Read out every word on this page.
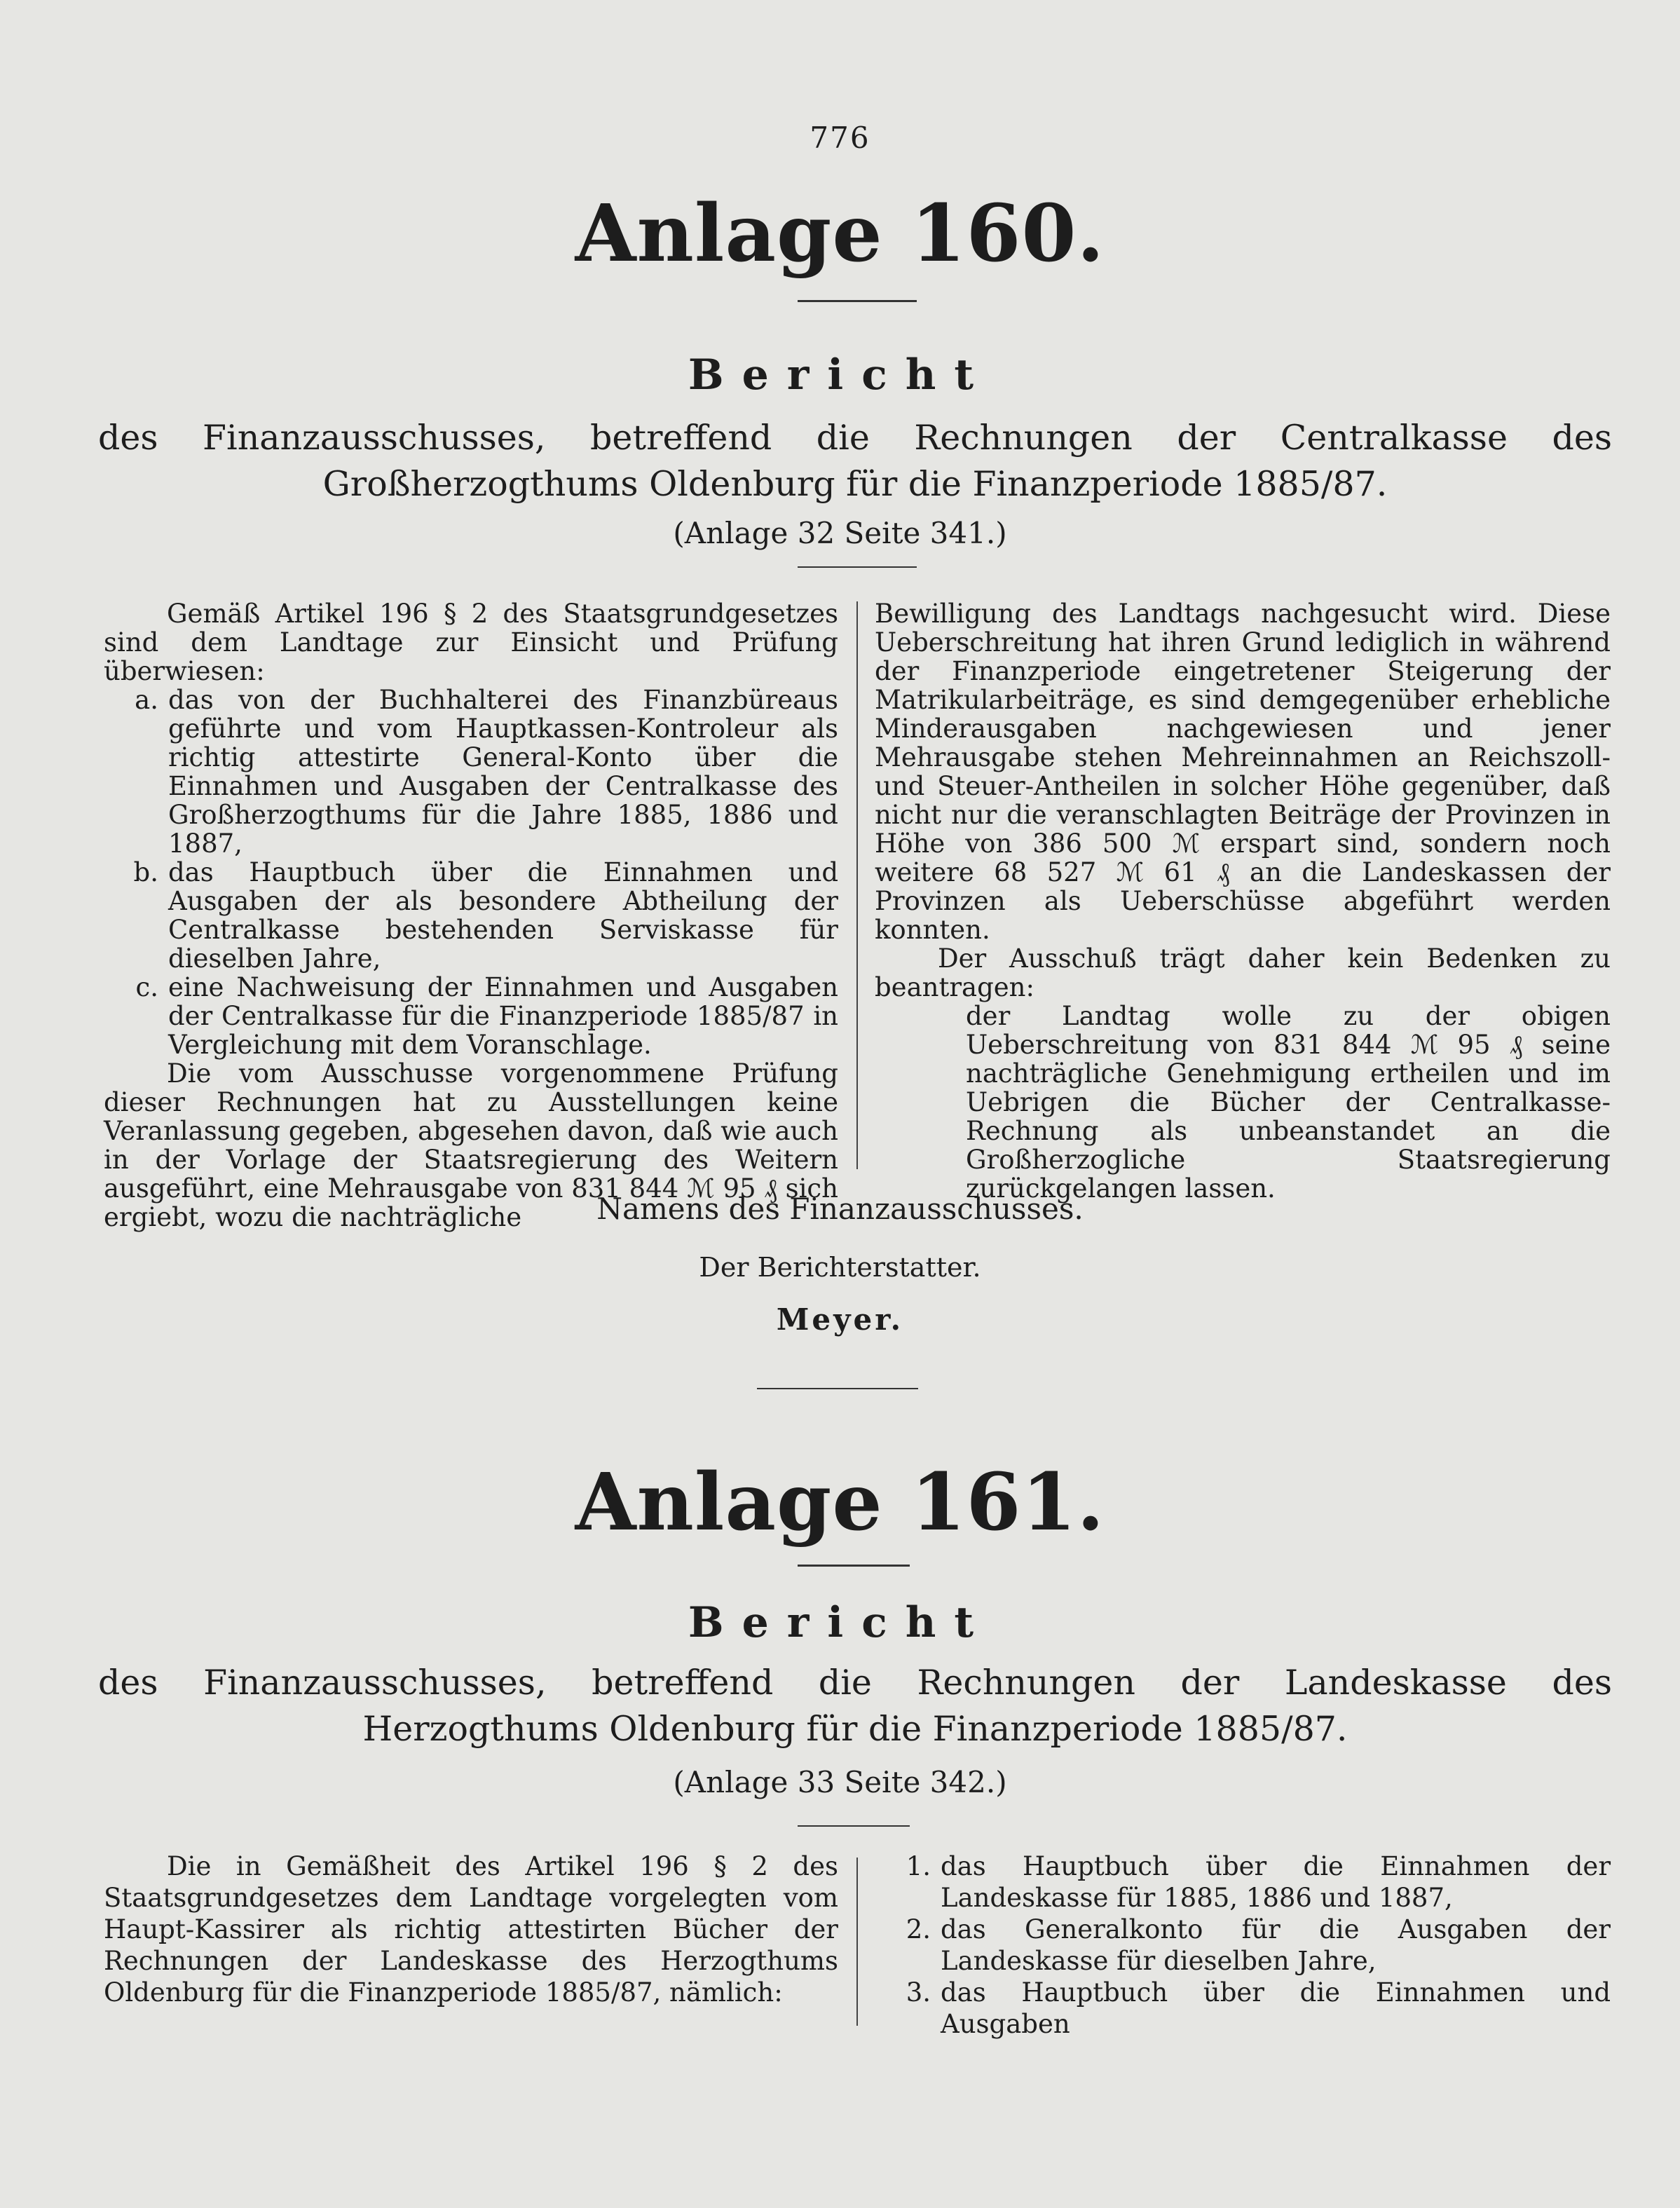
776
Anlage 160.
Bericht
des Finanzausschusses, betreffend die Rechnungen der Centralkasse des Großherzogthums Oldenburg für die Finanzperiode 1885/87.
(Anlage 32 Seite 341.)

Gemäß Artikel 196 § 2 des Staatsgrundgesetzes sind dem Landtage zur Einsicht und Prüfung überwiesen:

a. das von der Buchhalterei des Finanzbüreaus geführte und vom Hauptkassen-Kontroleur als richtig attestirte General-Konto über die Einnahmen und Ausgaben der Centralkasse des Großherzogthums für die Jahre 1885, 1886 und 1887,
b. das Hauptbuch über die Einnahmen und Ausgaben der als besondere Abtheilung der Centralkasse bestehenden Serviskasse für dieselben Jahre,
c. eine Nachweisung der Einnahmen und Ausgaben der Centralkasse für die Finanzperiode 1885/87 in Vergleichung mit dem Voranschlage.

Die vom Ausschusse vorgenommene Prüfung dieser Rechnungen hat zu Ausstellungen keine Veranlassung gegeben, abgesehen davon, daß wie auch in der Vorlage der Staatsregierung des Weitern ausgeführt, eine Mehrausgabe von 831 844 ℳ 95 ₰ sich ergiebt, wozu die nachträgliche

Bewilligung des Landtags nachgesucht wird. Diese Ueberschreitung hat ihren Grund lediglich in während der Finanzperiode eingetretener Steigerung der Matrikularbeiträge, es sind demgegenüber erhebliche Minderausgaben nachgewiesen und jener Mehrausgabe stehen Mehreinnahmen an Reichszoll- und Steuer-Antheilen in solcher Höhe gegenüber, daß nicht nur die veranschlagten Beiträge der Provinzen in Höhe von 386 500 ℳ erspart sind, sondern noch weitere 68 527 ℳ 61 ₰ an die Landeskassen der Provinzen als Ueberschüsse abgeführt werden konnten.

Der Ausschuß trägt daher kein Bedenken zu beantragen:

der Landtag wolle zu der obigen Ueberschreitung von 831 844 ℳ 95 ₰ seine nachträgliche Genehmigung ertheilen und im Uebrigen die Bücher der Centralkasse-Rechnung als unbeanstandet an die Großherzogliche Staatsregierung zurückgelangen lassen.

Namens des Finanzausschusses.
Der Berichterstatter.
Meyer.
Anlage 161.
Bericht
des Finanzausschusses, betreffend die Rechnungen der Landeskasse des Herzogthums Oldenburg für die Finanzperiode 1885/87.
(Anlage 33 Seite 342.)

Die in Gemäßheit des Artikel 196 § 2 des Staatsgrundgesetzes dem Landtage vorgelegten vom Haupt-Kassirer als richtig attestirten Bücher der Rechnungen der Landeskasse des Herzogthums Oldenburg für die Finanzperiode 1885/87, nämlich:

1. das Hauptbuch über die Einnahmen der Landeskasse für 1885, 1886 und 1887,
2. das Generalkonto für die Ausgaben der Landeskasse für dieselben Jahre,
3. das Hauptbuch über die Einnahmen und Ausgaben
